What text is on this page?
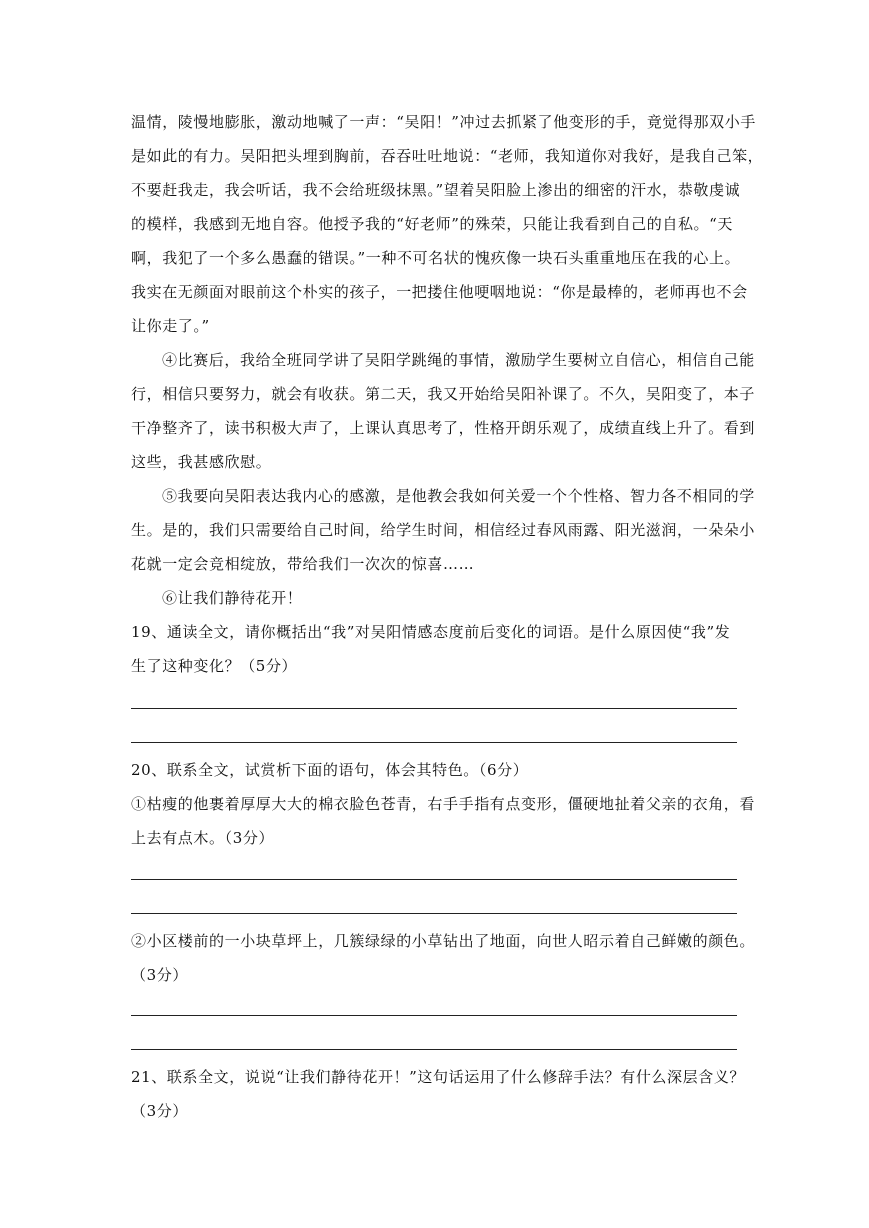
温情，陵慢地膨胀，激动地喊了一声：“吴阳！”冲过去抓紧了他变形的手，竟觉得那双小手
是如此的有力。吴阳把头埋到胸前，吞吞吐吐地说：“老师，我知道你对我好，是我自己笨，
不要赶我走，我会听话，我不会给班级抹黑。”望着吴阳脸上渗出的细密的汗水，恭敬虔诚
的模样，我感到无地自容。他授予我的“好老师”的殊荣，只能让我看到自己的自私。“天
啊，我犯了一个多么愚蠢的错误。”一种不可名状的愧疚像一块石头重重地压在我的心上。
我实在无颜面对眼前这个朴实的孩子，一把搂住他哽咽地说：“你是最棒的，老师再也不会
让你走了。”
④比赛后，我给全班同学讲了吴阳学跳绳的事情，激励学生要树立自信心，相信自己能
行，相信只要努力，就会有收获。第二天，我又开始给吴阳补课了。不久，吴阳变了，本子
干净整齐了，读书积极大声了，上课认真思考了，性格开朗乐观了，成绩直线上升了。看到
这些，我甚感欣慰。
⑤我要向吴阳表达我内心的感激，是他教会我如何关爱一个个性格、智力各不相同的学
生。是的，我们只需要给自己时间，给学生时间，相信经过春风雨露、阳光滋润，一朵朵小
花就一定会竞相绽放，带给我们一次次的惊喜……
⑥让我们静待花开！
19、通读全文，请你概括出“我”对吴阳情感态度前后变化的词语。是什么原因使“我”发
生了这种变化？（5分）
20、联系全文，试赏析下面的语句，体会其特色。（6分）
①枯瘦的他裹着厚厚大大的棉衣脸色苍青，右手手指有点变形，僵硬地扯着父亲的衣角，看
上去有点木。（3分）
②小区楼前的一小块草坪上，几簇绿绿的小草钻出了地面，向世人昭示着自己鲜嫩的颜色。
（3分）
21、联系全文，说说“让我们静待花开！”这句话运用了什么修辞手法？有什么深层含义？
（3分）
